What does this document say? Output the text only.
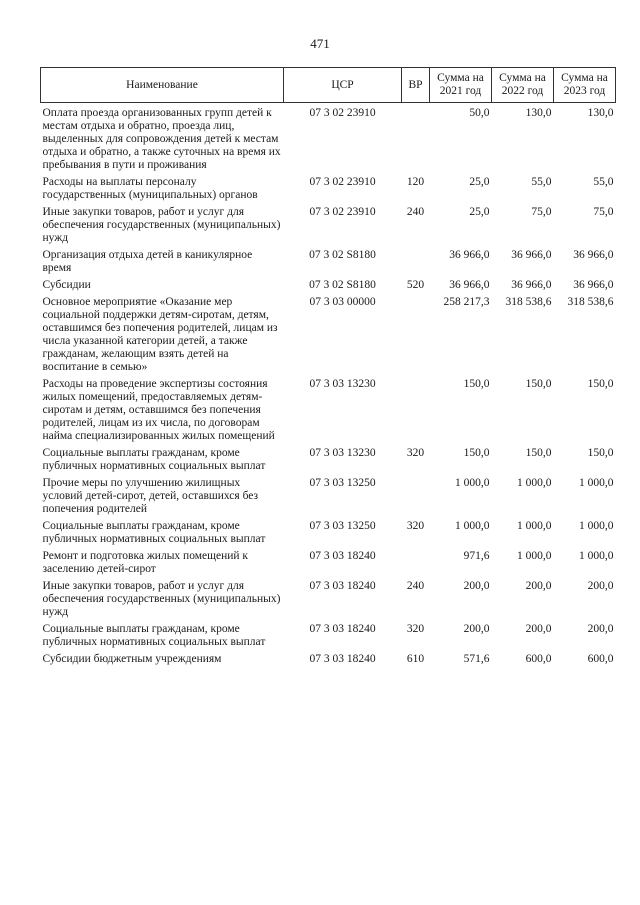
471
Наименование	ЦСР	ВР	Сумма на 2021 год	Сумма на 2022 год	Сумма на 2023 год
Оплата проезда организованных групп детей к местам отдыха и обратно, проезда лиц, выделенных для сопровождения детей к местам отдыха и обратно, а также суточных на время их пребывания в пути и проживания	07 3 02 23910		50,0	130,0	130,0
Расходы на выплаты персоналу государственных (муниципальных) органов	07 3 02 23910	120	25,0	55,0	55,0
Иные закупки товаров, работ и услуг для обеспечения государственных (муниципальных) нужд	07 3 02 23910	240	25,0	75,0	75,0
Организация отдыха детей в каникулярное время	07 3 02 S8180		36 966,0	36 966,0	36 966,0
Субсидии	07 3 02 S8180	520	36 966,0	36 966,0	36 966,0
Основное мероприятие «Оказание мер социальной поддержки детям-сиротам, детям, оставшимся без попечения родителей, лицам из числа указанной категории детей, а также гражданам, желающим взять детей на воспитание в семью»	07 3 03 00000		258 217,3	318 538,6	318 538,6
Расходы на проведение экспертизы состояния жилых помещений, предоставляемых детям-сиротам и детям, оставшимся без попечения родителей, лицам из их числа, по договорам найма специализированных жилых помещений	07 3 03 13230		150,0	150,0	150,0
Социальные выплаты гражданам, кроме публичных нормативных социальных выплат	07 3 03 13230	320	150,0	150,0	150,0
Прочие меры по улучшению жилищных условий детей-сирот, детей, оставшихся без попечения родителей	07 3 03 13250		1 000,0	1 000,0	1 000,0
Социальные выплаты гражданам, кроме публичных нормативных социальных выплат	07 3 03 13250	320	1 000,0	1 000,0	1 000,0
Ремонт и подготовка жилых помещений к заселению детей-сирот	07 3 03 18240		971,6	1 000,0	1 000,0
Иные закупки товаров, работ и услуг для обеспечения государственных (муниципальных) нужд	07 3 03 18240	240	200,0	200,0	200,0
Социальные выплаты гражданам, кроме публичных нормативных социальных выплат	07 3 03 18240	320	200,0	200,0	200,0
Субсидии бюджетным учреждениям	07 3 03 18240	610	571,6	600,0	600,0
